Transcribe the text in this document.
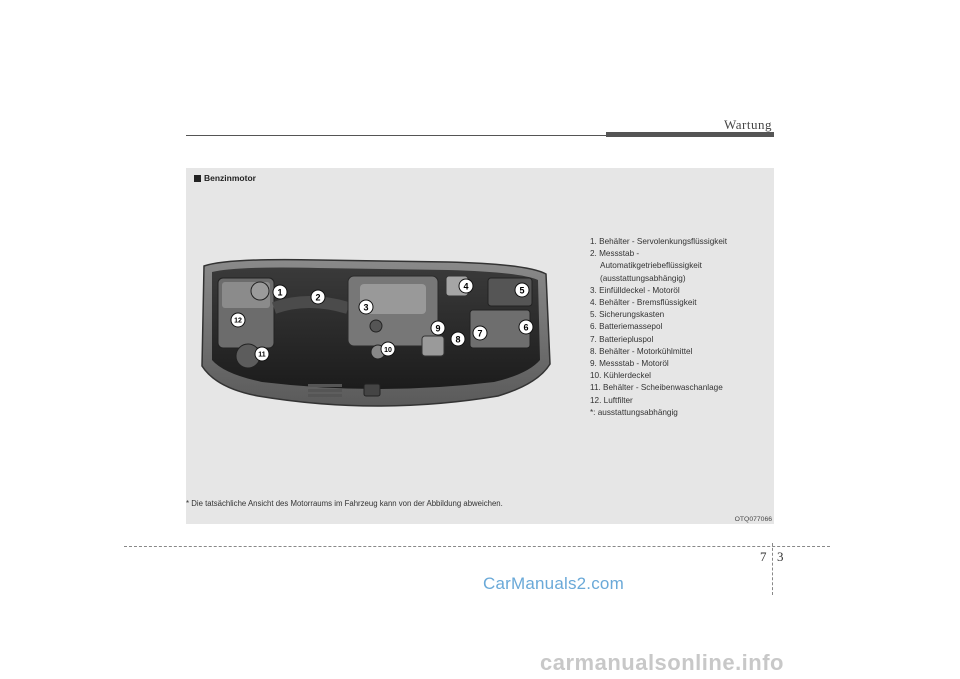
Wartung
Benzinmotor
1	2
3
4	5
6
7
8
9
10
11
12
1. Behälter - Servolenkungsflüssigkeit
2. Messstab -
Automatikgetriebeflüssigkeit
(ausstattungsabhängig)
3. Einfülldeckel - Motoröl
4. Behälter - Bremsflüssigkeit
5. Sicherungskasten
6. Batteriemassepol
7. Batteriepluspol
8. Behälter - Motorkühlmittel
9. Messstab - Motoröl
10. Kühlerdeckel
11. Behälter - Scheibenwaschanlage
12. Luftfilter
*: ausstattungsabhängig
* Die tatsächliche Ansicht des Motorraums im Fahrzeug kann von der Abbildung abweichen.
OTQ077066
7 3
CarManuals2.com
carmanualsonline.info
